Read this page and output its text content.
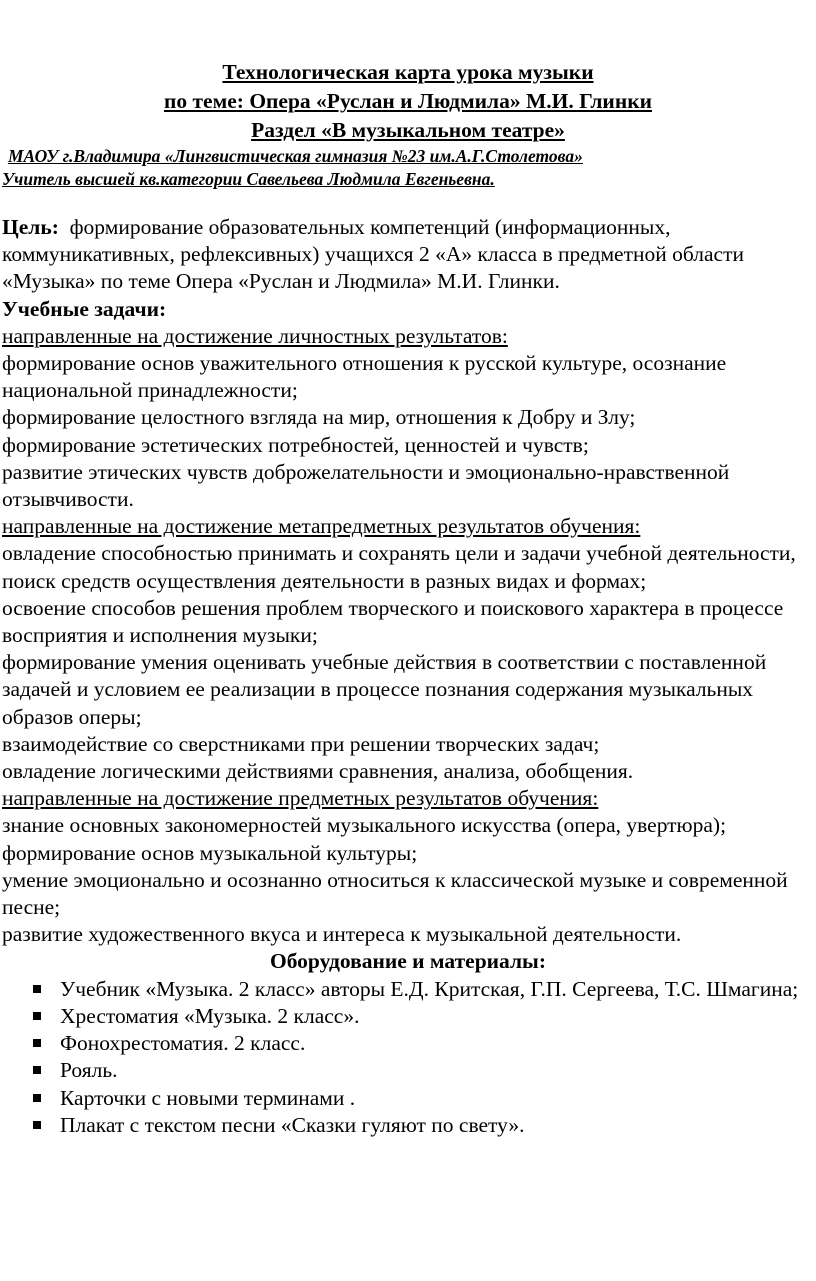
Технологическая карта урока музыки

по теме: Опера «Руслан и Людмила» М.И. Глинки

Раздел «В музыкальном театре»

МАОУ г.Владимира «Лингвистическая гимназия №23 им.А.Г.Столетова»

Учитель высшей кв.категории Савельева Людмила Евгеньевна.

Цель: формирование образовательных компетенций (информационных, коммуникативных, рефлексивных) учащихся 2 «А» класса в предметной области «Музыка» по теме Опера «Руслан и Людмила» М.И. Глинки.

Учебные задачи:

направленные на достижение личностных результатов:

формирование основ уважительного отношения к русской культуре, осознание национальной принадлежности;

формирование целостного взгляда на мир, отношения к Добру и Злу;

формирование эстетических потребностей, ценностей и чувств;

развитие этических чувств доброжелательности и эмоционально-нравственной отзывчивости.

направленные на достижение метапредметных результатов обучения:

овладение способностью принимать и сохранять цели и задачи учебной деятельности, поиск средств осуществления деятельности в разных видах и формах;

освоение способов решения проблем творческого и поискового характера в процессе восприятия и исполнения музыки;

формирование умения оценивать учебные действия в соответствии с поставленной задачей и условием ее реализации в процессе познания содержания музыкальных образов оперы;

взаимодействие со сверстниками при решении творческих задач;

овладение логическими действиями сравнения, анализа, обобщения.

направленные на достижение предметных результатов обучения:

знание основных закономерностей музыкального искусства (опера, увертюра);

формирование основ музыкальной культуры;

умение эмоционально и осознанно относиться к классической музыке и современной песне;

развитие художественного вкуса и интереса к музыкальной деятельности.

Оборудование и материалы:

Учебник «Музыка. 2 класс» авторы Е.Д. Критская, Г.П. Сергеева, Т.С. Шмагина;
Хрестоматия «Музыка. 2 класс».
Фонохрестоматия. 2 класс.
Рояль.
Карточки с новыми терминами .
Плакат с текстом песни «Сказки гуляют по свету».
